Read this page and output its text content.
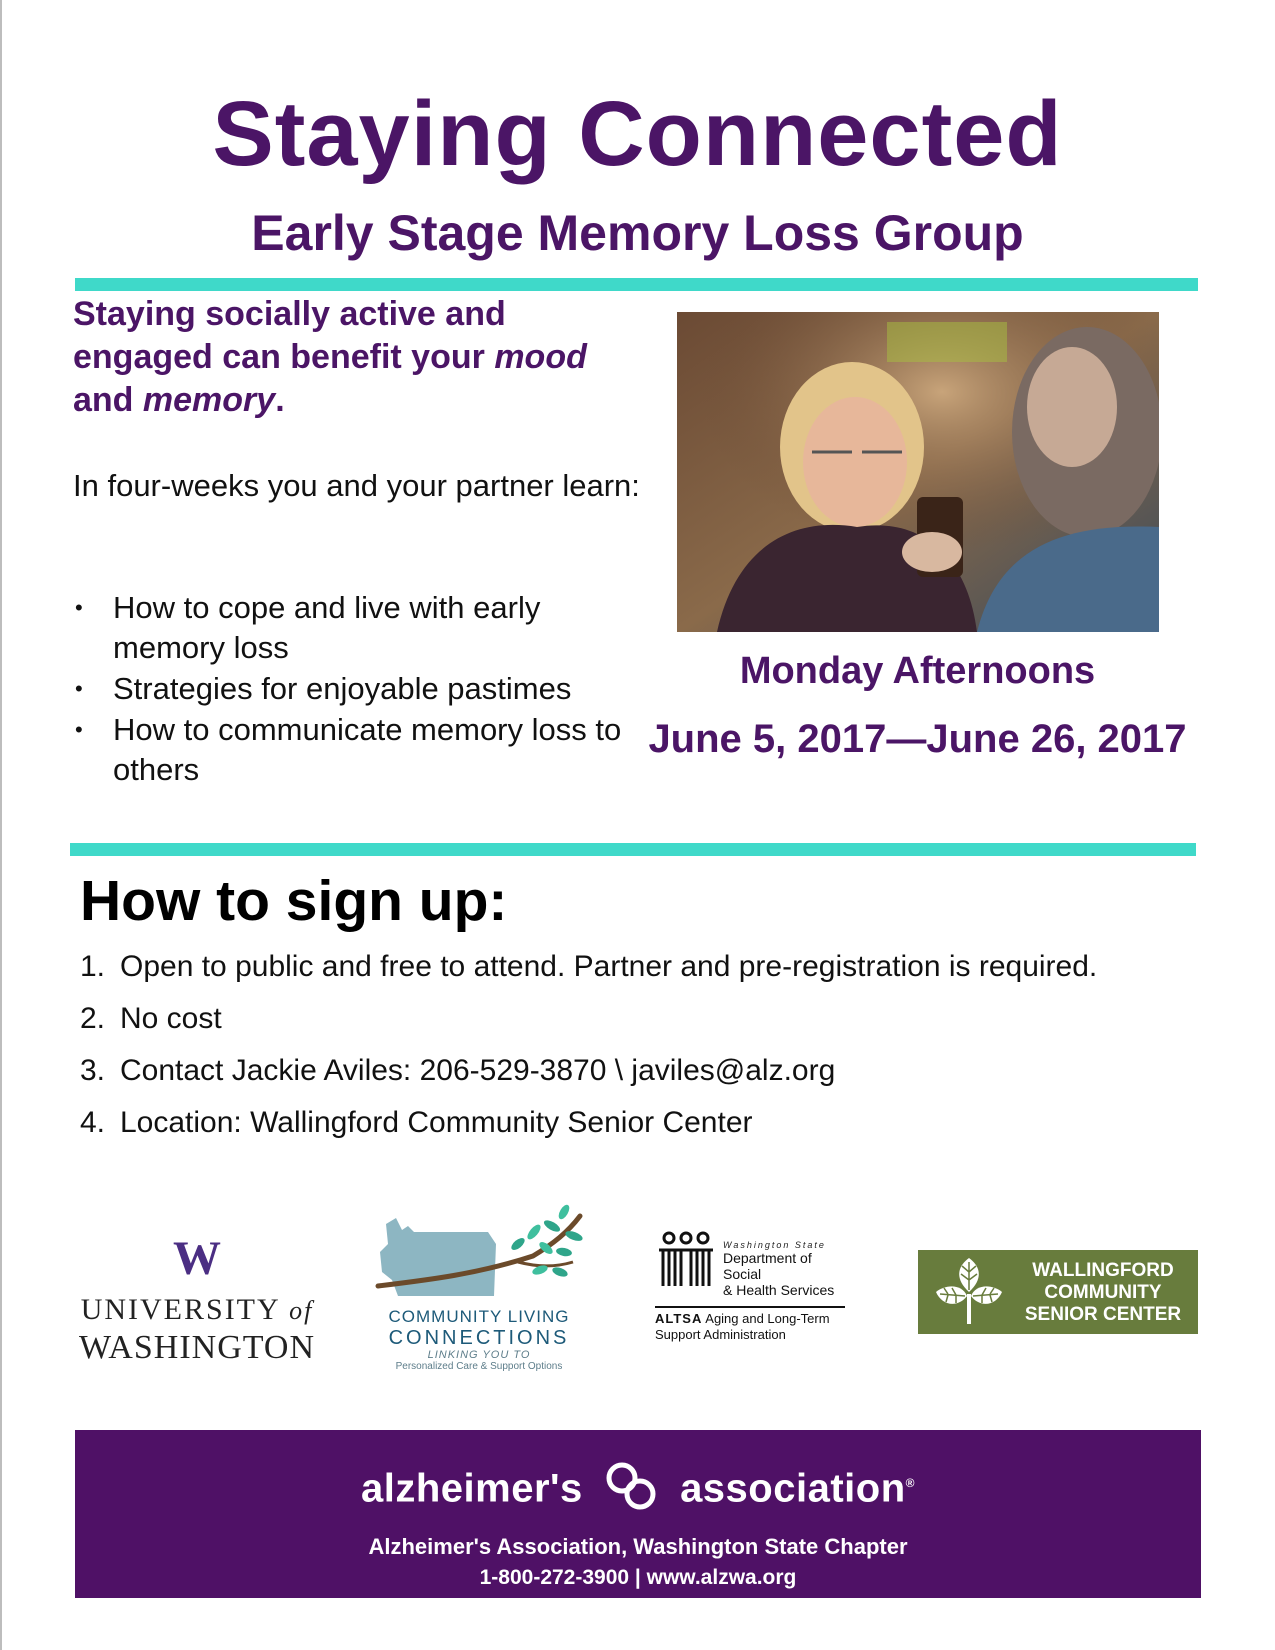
Staying Connected
Early Stage Memory Loss Group
Staying socially active and engaged can benefit your mood and memory.
In four-weeks you and your partner learn:
• How to cope and live with early memory loss
• Strategies for enjoyable pastimes
• How to communicate memory loss to others
Monday Afternoons
June 5, 2017—June 26, 2017
How to sign up:
1. Open to public and free to attend. Partner and pre-registration is required.
2. No cost
3. Contact Jackie Aviles: 206-529-3870 \ javiles@alz.org
4. Location: Wallingford Community Senior Center
W
UNIVERSITY of
WASHINGTON
COMMUNITY LIVING
CONNECTIONS
LINKING YOU TO
Personalized Care & Support Options
Washington State
Department of Social
& Health Services
ALTSA Aging and Long-Term
Support Administration
WALLINGFORD
COMMUNITY
SENIOR CENTER
alzheimer's association®
Alzheimer's Association, Washington State Chapter
1-800-272-3900 | www.alzwa.org
